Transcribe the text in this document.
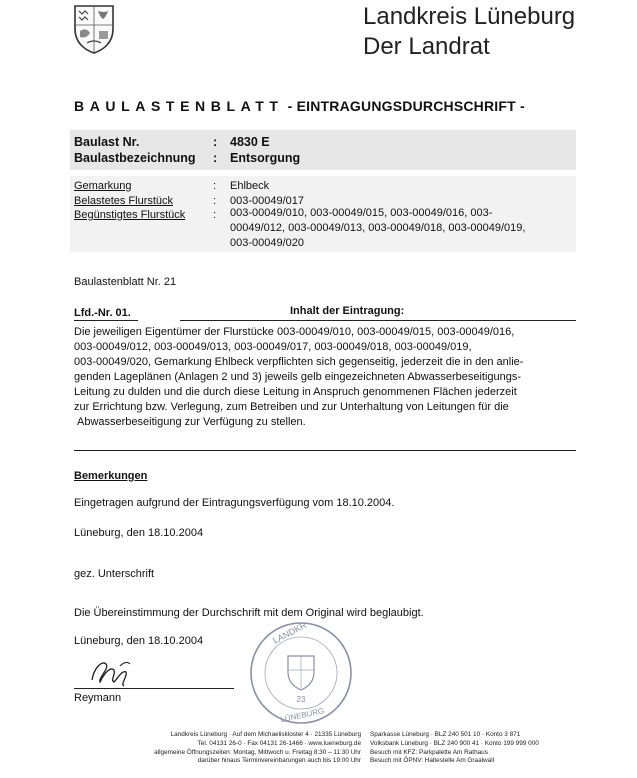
Landkreis Lüneburg
Der Landrat
BAULASTENBLATT - EINTRAGUNGSDURCHSCHRIFT -
Baulast Nr.	: 4830 E
Baulastbezeichnung : Entsorgung
Gemarkung	: Ehlbeck
Belastetes Flurstück	: 003-00049/017
Begünstigtes Flurstück	: 003-00049/010, 003-00049/015, 003-00049/016, 003-
00049/012, 003-00049/013, 003-00049/018, 003-00049/019,
003-00049/020
Baulastenblatt Nr. 21
Lfd.-Nr. 01.	Inhalt der Eintragung:
Die jeweiligen Eigentümer der Flurstücke 003-00049/010, 003-00049/015, 003-00049/016,
003-00049/012, 003-00049/013, 003-00049/017, 003-00049/018, 003-00049/019,
003-00049/020, Gemarkung Ehlbeck verpflichten sich gegenseitig, jederzeit die in den anlie-
genden Lageplänen (Anlagen 2 und 3) jeweils gelb eingezeichneten Abwasserbeseitigungs-
Leitung zu dulden und die durch diese Leitung in Anspruch genommenen Flächen jederzeit
zur Errichtung bzw. Verlegung, zum Betreiben und zur Unterhaltung von Leitungen für die
Abwasserbeseitigung zur Verfügung zu stellen.
Bemerkungen
Eingetragen aufgrund der Eintragungsverfügung vom 18.10.2004.
Lüneburg, den 18.10.2004
gez. Unterschrift
Die Übereinstimmung der Durchschrift mit dem Original wird beglaubigt.
Lüneburg, den 18.10.2004
Reymann
LANDKR
23
LÜNEBURG
Landkreis Lüneburg · Auf dem Michaeliskloster 4 · 21335 Lüneburg
Tel. 04131 26-0 · Fax 04131 26-1466 · www.lueneburg.de
allgemeine Öffnungszeiten: Montag, Mittwoch u. Freitag 8:30 – 11:30 Uhr
darüber hinaus Terminvereinbarungen auch bis 19:00 Uhr
Sparkasse Lüneburg · BLZ 240 501 10 · Konto 3 871
Volksbank Lüneburg · BLZ 240 900 41 · Konto 199 999 000
Besuch mit KFZ: Parkpalette Am Rathaus
Besuch mit ÖPNV: Haltestelle Am Graalwall
